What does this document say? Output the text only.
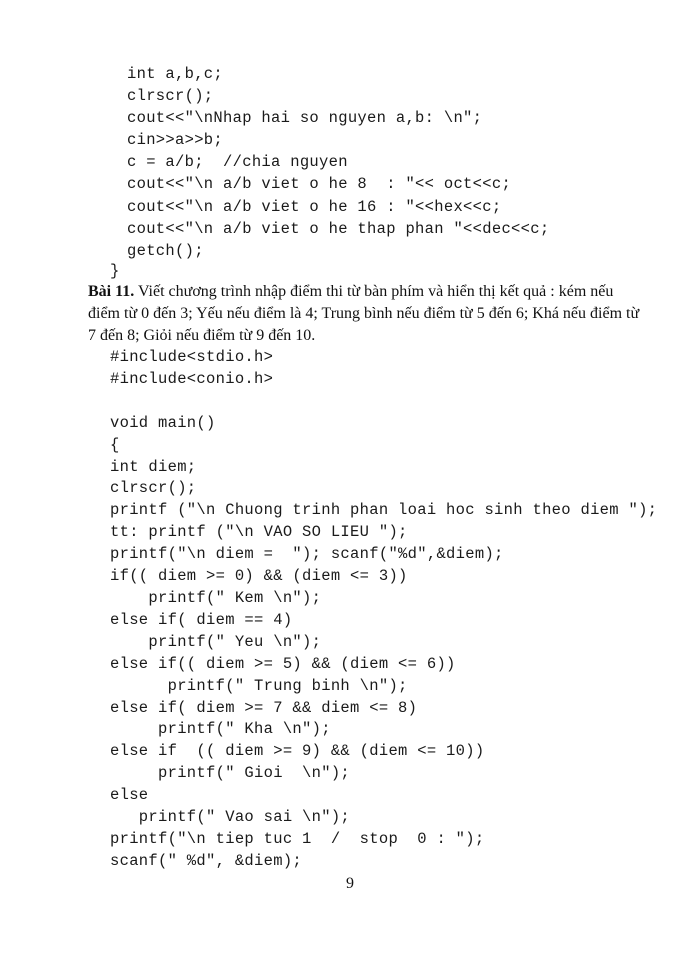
int a,b,c;
clrscr();
cout<<"\nNhap hai so nguyen a,b: \n";
cin>>a>>b;
c = a/b;  //chia nguyen
cout<<"\n a/b viet o he 8  : "<< oct<<c;
cout<<"\n a/b viet o he 16 : "<<hex<<c;
cout<<"\n a/b viet o he thap phan "<<dec<<c;
getch();
}

Bài 11. Viết chương trình nhập điểm thi từ bàn phím và hiển thị kết quả : kém nếu điểm từ 0 đến 3; Yếu nếu điểm là 4; Trung bình nếu điểm từ 5 đến 6; Khá nếu điểm từ 7 đến 8; Giỏi nếu điểm từ 9 đến 10.

#include<stdio.h>
#include<conio.h>

void main()
{
int diem;
clrscr();
printf ("\n Chuong trinh phan loai hoc sinh theo diem ");
tt: printf ("\n VAO SO LIEU ");
printf("\n diem =  "); scanf("%d",&diem);
if(( diem >= 0) && (diem <= 3))
printf(" Kem \n");
else if( diem == 4)
printf(" Yeu \n");
else if(( diem >= 5) && (diem <= 6))
printf(" Trung binh \n");
else if( diem >= 7 && diem <= 8)
printf(" Kha \n");
else if  (( diem >= 9) && (diem <= 10))
printf(" Gioi  \n");
else
printf(" Vao sai \n");
printf("\n tiep tuc 1  /  stop  0 : ");
scanf(" %d", &diem);
9
